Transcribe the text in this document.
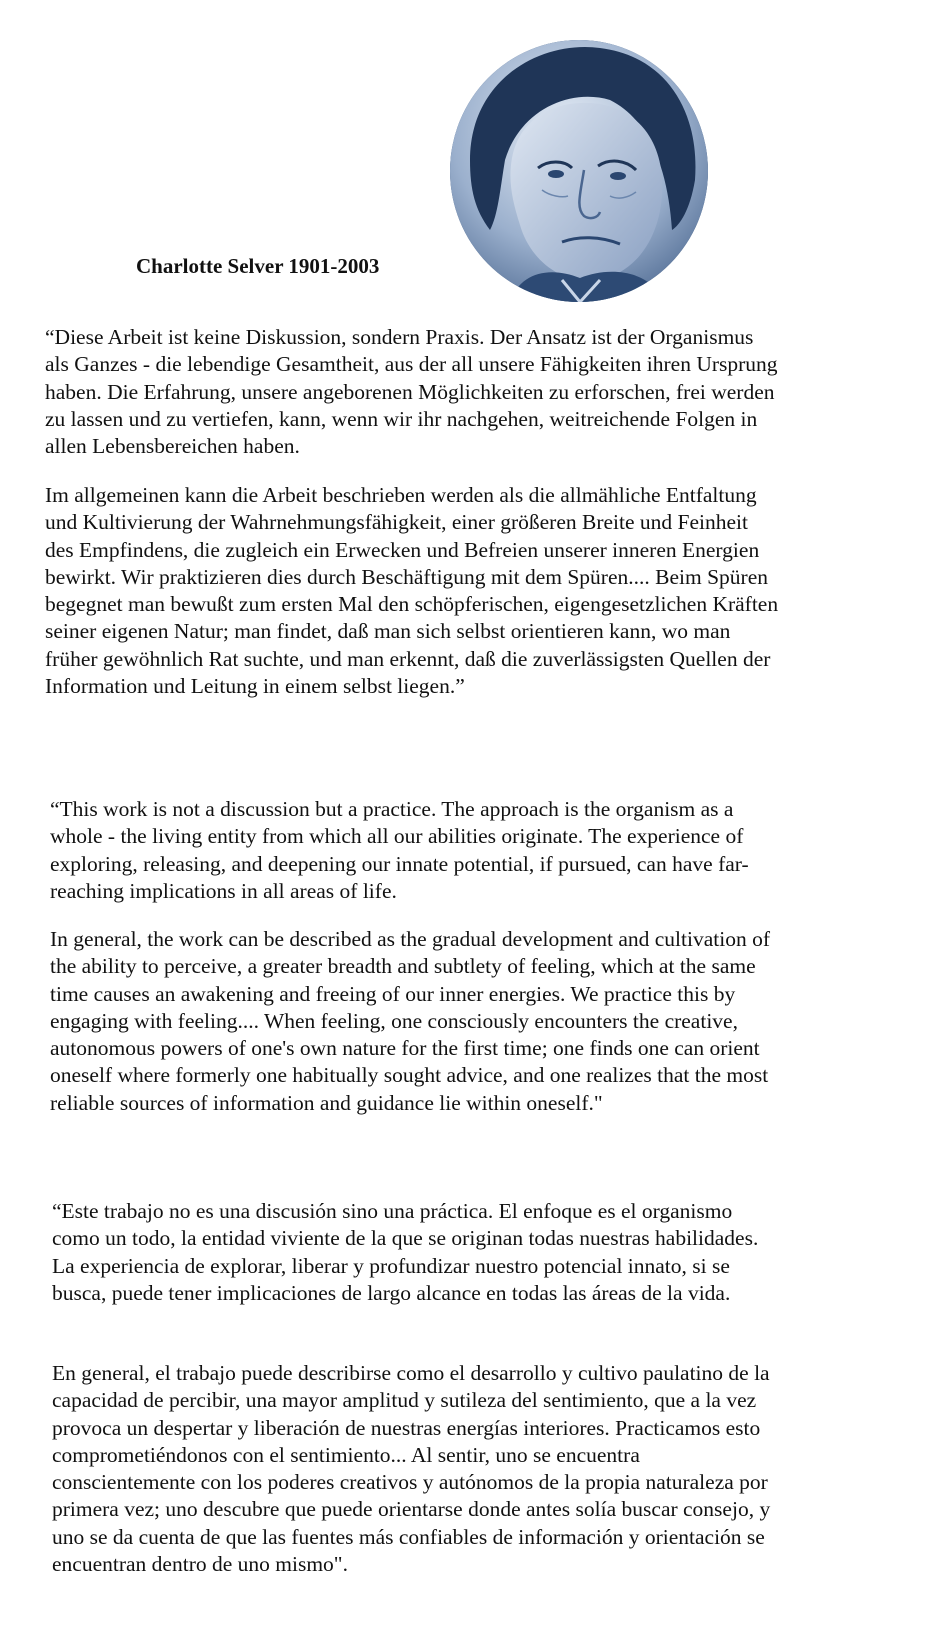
Charlotte Selver 1901-2003

“Diese Arbeit ist keine Diskussion, sondern Praxis. Der Ansatz ist der Organismus
als Ganzes - die lebendige Gesamtheit, aus der all unsere Fähigkeiten ihren Ursprung
haben. Die Erfahrung, unsere angeborenen Möglichkeiten zu erforschen, frei werden
zu lassen und zu vertiefen, kann, wenn wir ihr nachgehen, weitreichende Folgen in
allen Lebensbereichen haben.

Im allgemeinen kann die Arbeit beschrieben werden als die allmähliche Entfaltung
und Kultivierung der Wahrnehmungsfähigkeit, einer größeren Breite und Feinheit
des Empfindens, die zugleich ein Erwecken und Befreien unserer inneren Energien
bewirkt. Wir praktizieren dies durch Beschäftigung mit dem Spüren.... Beim Spüren
begegnet man bewußt zum ersten Mal den schöpferischen, eigengesetzlichen Kräften
seiner eigenen Natur; man findet, daß man sich selbst orientieren kann, wo man
früher gewöhnlich Rat suchte, und man erkennt, daß die zuverlässigsten Quellen der
Information und Leitung in einem selbst liegen.”

“This work is not a discussion but a practice. The approach is the organism as a
whole - the living entity from which all our abilities originate. The experience of
exploring, releasing, and deepening our innate potential, if pursued, can have far-
reaching implications in all areas of life.

In general, the work can be described as the gradual development and cultivation of
the ability to perceive, a greater breadth and subtlety of feeling, which at the same
time causes an awakening and freeing of our inner energies. We practice this by
engaging with feeling.... When feeling, one consciously encounters the creative,
autonomous powers of one's own nature for the first time; one finds one can orient
oneself where formerly one habitually sought advice, and one realizes that the most
reliable sources of information and guidance lie within oneself."

“Este trabajo no es una discusión sino una práctica. El enfoque es el organismo
como un todo, la entidad viviente de la que se originan todas nuestras habilidades.
La experiencia de explorar, liberar y profundizar nuestro potencial innato, si se
busca, puede tener implicaciones de largo alcance en todas las áreas de la vida.

En general, el trabajo puede describirse como el desarrollo y cultivo paulatino de la
capacidad de percibir, una mayor amplitud y sutileza del sentimiento, que a la vez
provoca un despertar y liberación de nuestras energías interiores. Practicamos esto
comprometiéndonos con el sentimiento... Al sentir, uno se encuentra
conscientemente con los poderes creativos y autónomos de la propia naturaleza por
primera vez; uno descubre que puede orientarse donde antes solía buscar consejo, y
uno se da cuenta de que las fuentes más confiables de información y orientación se
encuentran dentro de uno mismo".
